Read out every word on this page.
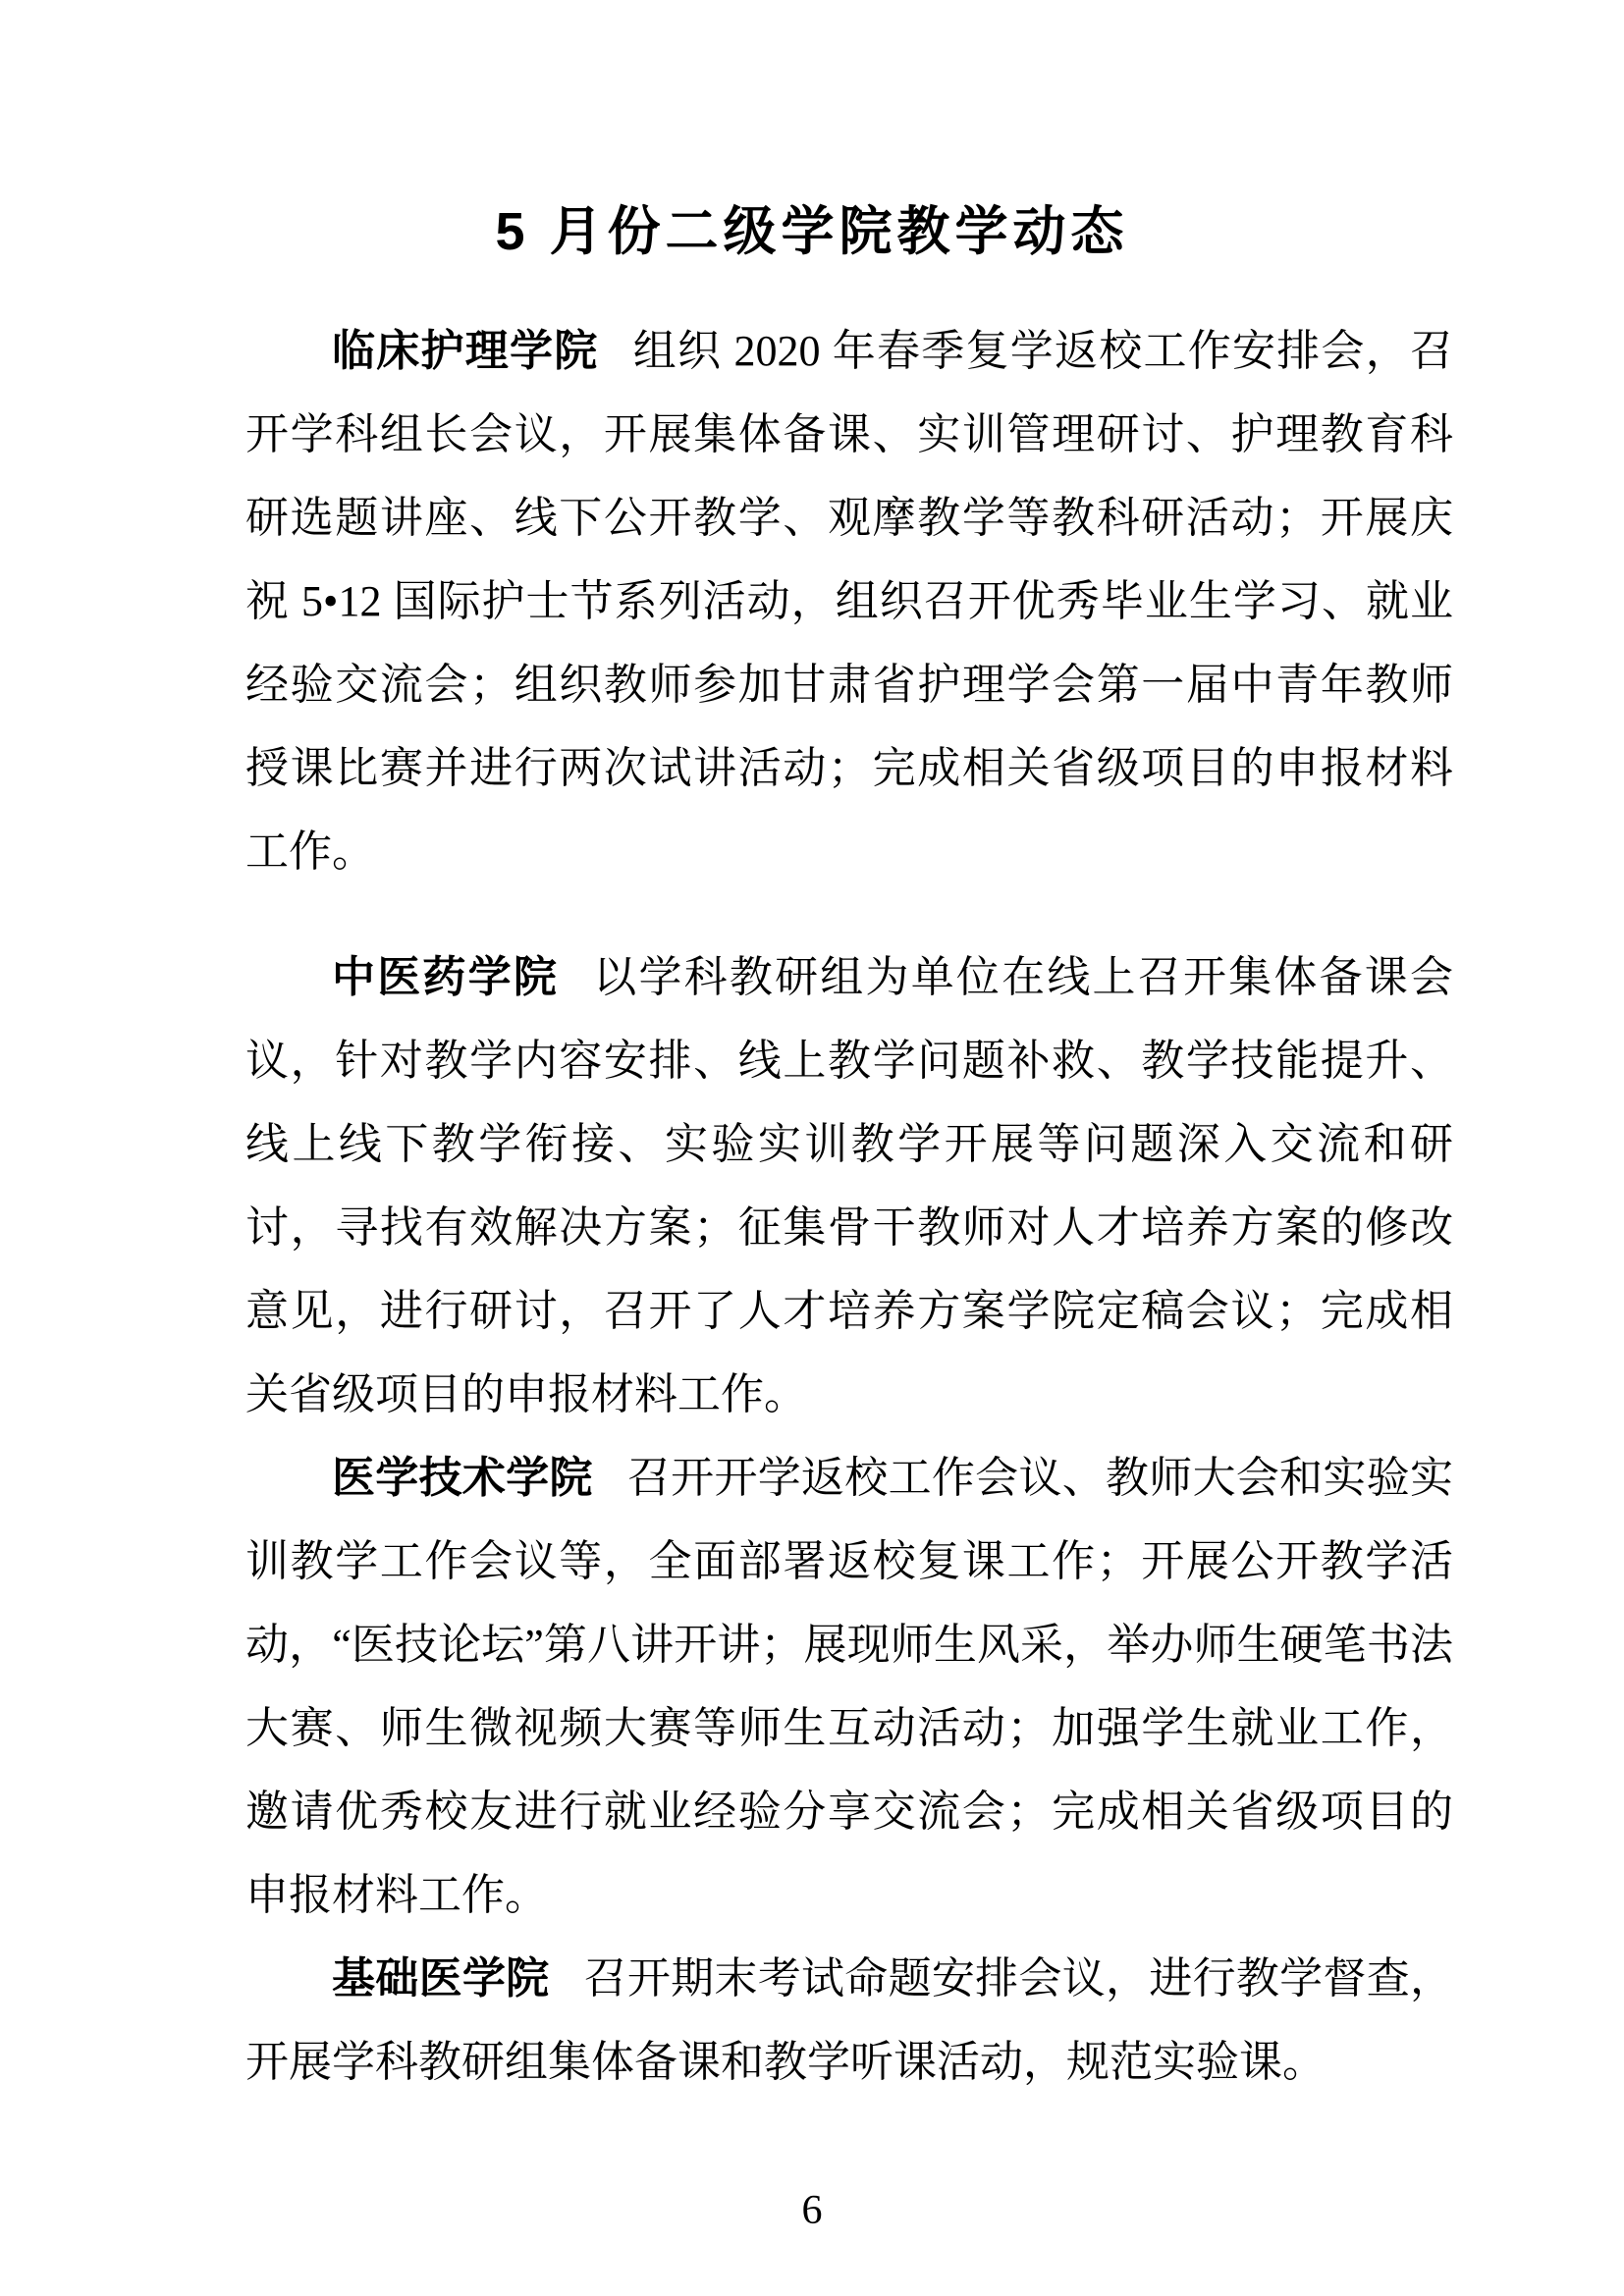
5 月份二级学院教学动态

临床护理学院 组织 2020 年春季复学返校工作安排会，召开学科组长会议，开展集体备课、实训管理研讨、护理教育科研选题讲座、线下公开教学、观摩教学等教科研活动；开展庆祝 5•12 国际护士节系列活动，组织召开优秀毕业生学习、就业经验交流会；组织教师参加甘肃省护理学会第一届中青年教师授课比赛并进行两次试讲活动；完成相关省级项目的申报材料工作。

中医药学院 以学科教研组为单位在线上召开集体备课会议，针对教学内容安排、线上教学问题补救、教学技能提升、线上线下教学衔接、实验实训教学开展等问题深入交流和研讨，寻找有效解决方案；征集骨干教师对人才培养方案的修改意见，进行研讨，召开了人才培养方案学院定稿会议；完成相关省级项目的申报材料工作。

医学技术学院 召开开学返校工作会议、教师大会和实验实训教学工作会议等，全面部署返校复课工作；开展公开教学活动，“医技论坛”第八讲开讲；展现师生风采，举办师生硬笔书法大赛、师生微视频大赛等师生互动活动；加强学生就业工作，邀请优秀校友进行就业经验分享交流会；完成相关省级项目的申报材料工作。

基础医学院 召开期末考试命题安排会议，进行教学督查，开展学科教研组集体备课和教学听课活动，规范实验课。

6
